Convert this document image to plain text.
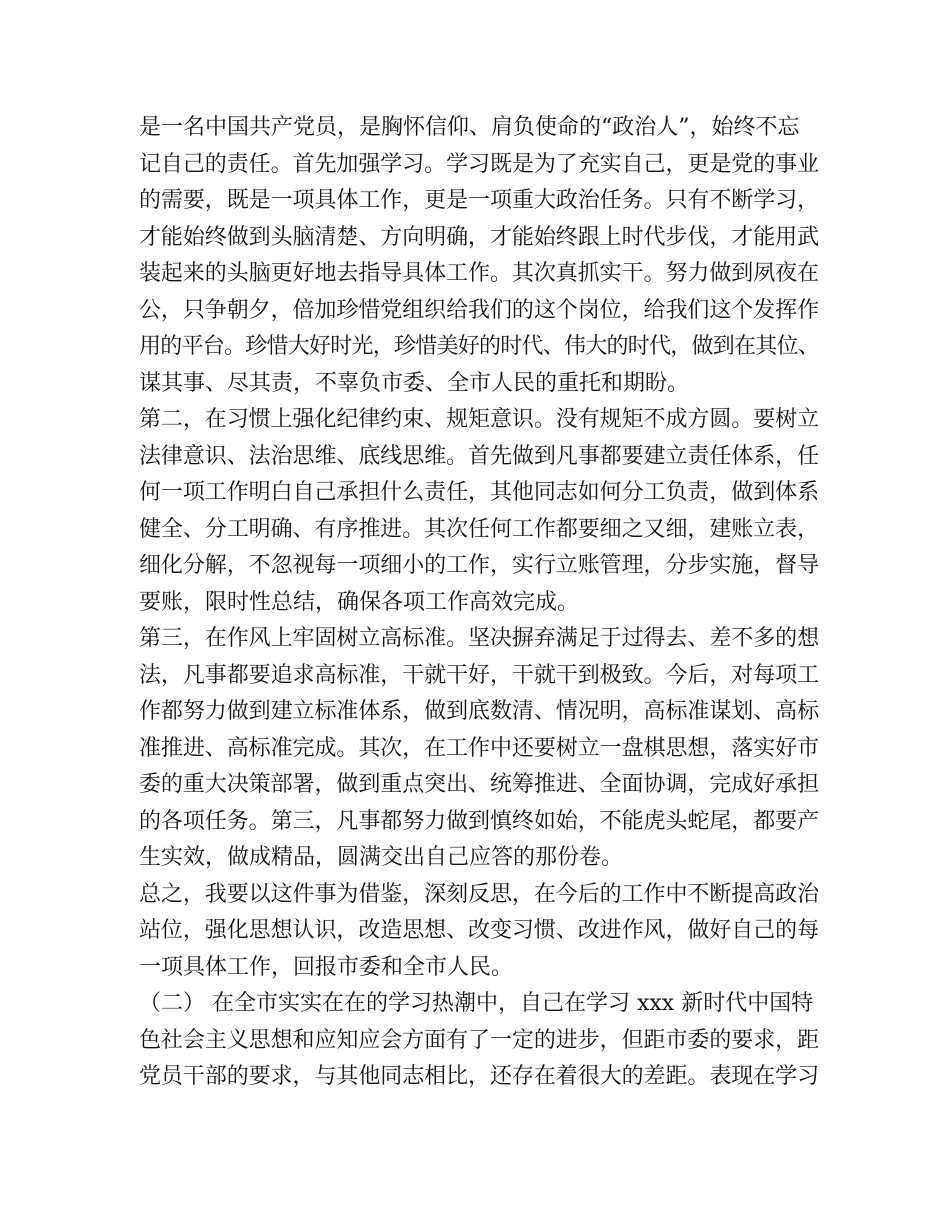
是一名中国共产党员，是胸怀信仰、肩负使命的“政治人”，始终不忘
记自己的责任。首先加强学习。学习既是为了充实自己，更是党的事业
的需要，既是一项具体工作，更是一项重大政治任务。只有不断学习，
才能始终做到头脑清楚、方向明确，才能始终跟上时代步伐，才能用武
装起来的头脑更好地去指导具体工作。其次真抓实干。努力做到夙夜在
公，只争朝夕，倍加珍惜党组织给我们的这个岗位，给我们这个发挥作
用的平台。珍惜大好时光，珍惜美好的时代、伟大的时代，做到在其位、
谋其事、尽其责，不辜负市委、全市人民的重托和期盼。
第二，在习惯上强化纪律约束、规矩意识。没有规矩不成方圆。要树立
法律意识、法治思维、底线思维。首先做到凡事都要建立责任体系，任
何一项工作明白自己承担什么责任，其他同志如何分工负责，做到体系
健全、分工明确、有序推进。其次任何工作都要细之又细，建账立表，
细化分解，不忽视每一项细小的工作，实行立账管理，分步实施，督导
要账，限时性总结，确保各项工作高效完成。
第三，在作风上牢固树立高标准。坚决摒弃满足于过得去、差不多的想
法，凡事都要追求高标准，干就干好，干就干到极致。今后，对每项工
作都努力做到建立标准体系，做到底数清、情况明，高标准谋划、高标
准推进、高标准完成。其次，在工作中还要树立一盘棋思想，落实好市
委的重大决策部署，做到重点突出、统筹推进、全面协调，完成好承担
的各项任务。第三，凡事都努力做到慎终如始，不能虎头蛇尾，都要产
生实效，做成精品，圆满交出自己应答的那份卷。
总之，我要以这件事为借鉴，深刻反思，在今后的工作中不断提高政治
站位，强化思想认识，改造思想、改变习惯、改进作风，做好自己的每
一项具体工作，回报市委和全市人民。
（二） 在全市实实在在的学习热潮中，自己在学习 xxx 新时代中国特
色社会主义思想和应知应会方面有了一定的进步，但距市委的要求，距
党员干部的要求，与其他同志相比，还存在着很大的差距。表现在学习
